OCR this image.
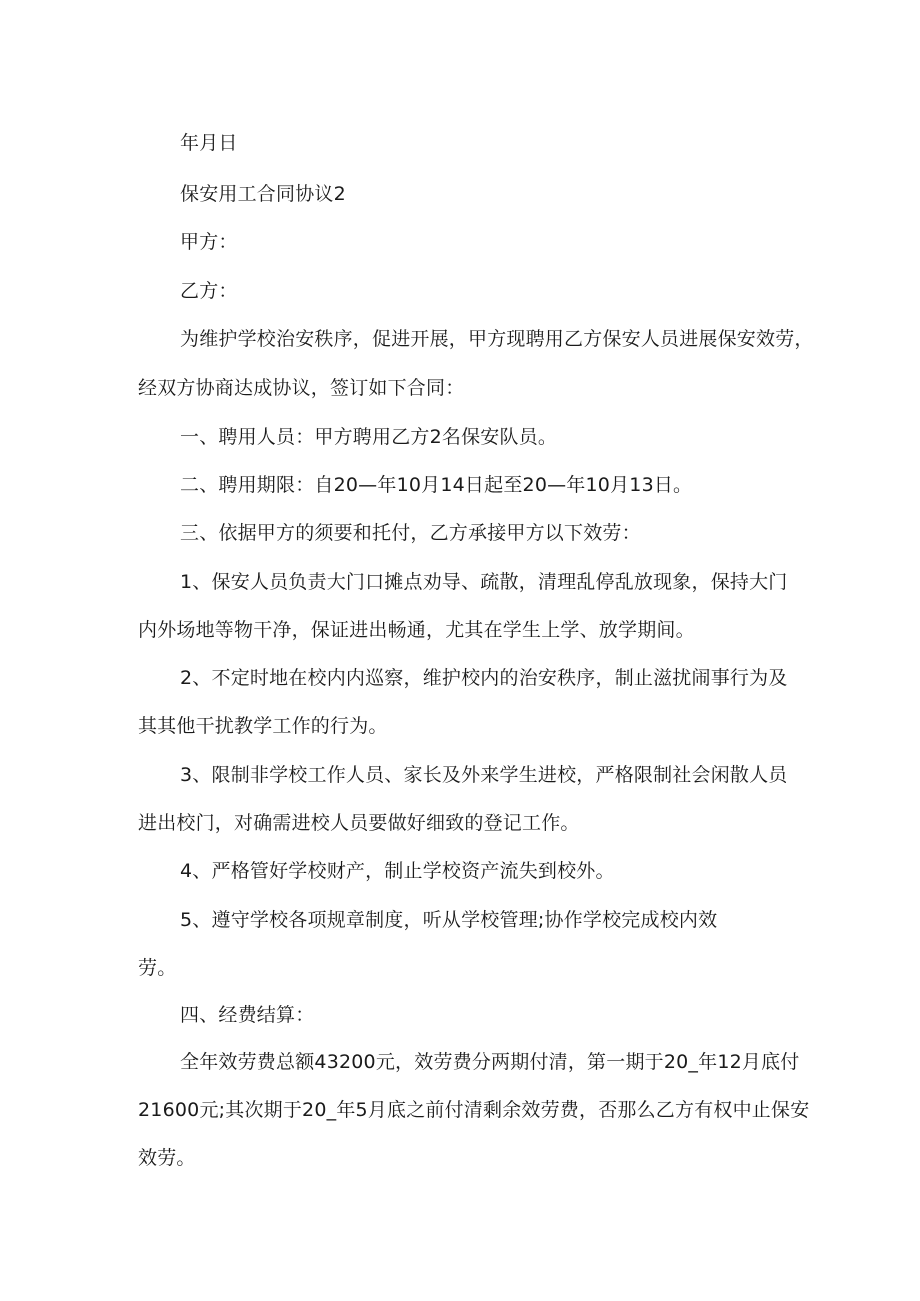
年月日

保安用工合同协议2

甲方：

乙方：

为维护学校治安秩序，促进开展，甲方现聘用乙方保安人员进展保安效劳，

经双方协商达成协议，签订如下合同：

一、聘用人员：甲方聘用乙方2名保安队员。

二、聘用期限：自20—年10月14日起至20—年10月13日。

三、依据甲方的须要和托付，乙方承接甲方以下效劳：

1、保安人员负责大门口摊点劝导、疏散，清理乱停乱放现象，保持大门

内外场地等物干净，保证进出畅通，尤其在学生上学、放学期间。

2、不定时地在校内内巡察，维护校内的治安秩序，制止滋扰闹事行为及

其其他干扰教学工作的行为。

3、限制非学校工作人员、家长及外来学生进校，严格限制社会闲散人员

进出校门，对确需进校人员要做好细致的登记工作。

4、严格管好学校财产，制止学校资产流失到校外。

5、遵守学校各项规章制度，听从学校管理;协作学校完成校内效

劳。

四、经费结算：

全年效劳费总额43200元，效劳费分两期付清，第一期于20_年12月底付

21600元;其次期于20_年5月底之前付清剩余效劳费，否那么乙方有权中止保安

效劳。
